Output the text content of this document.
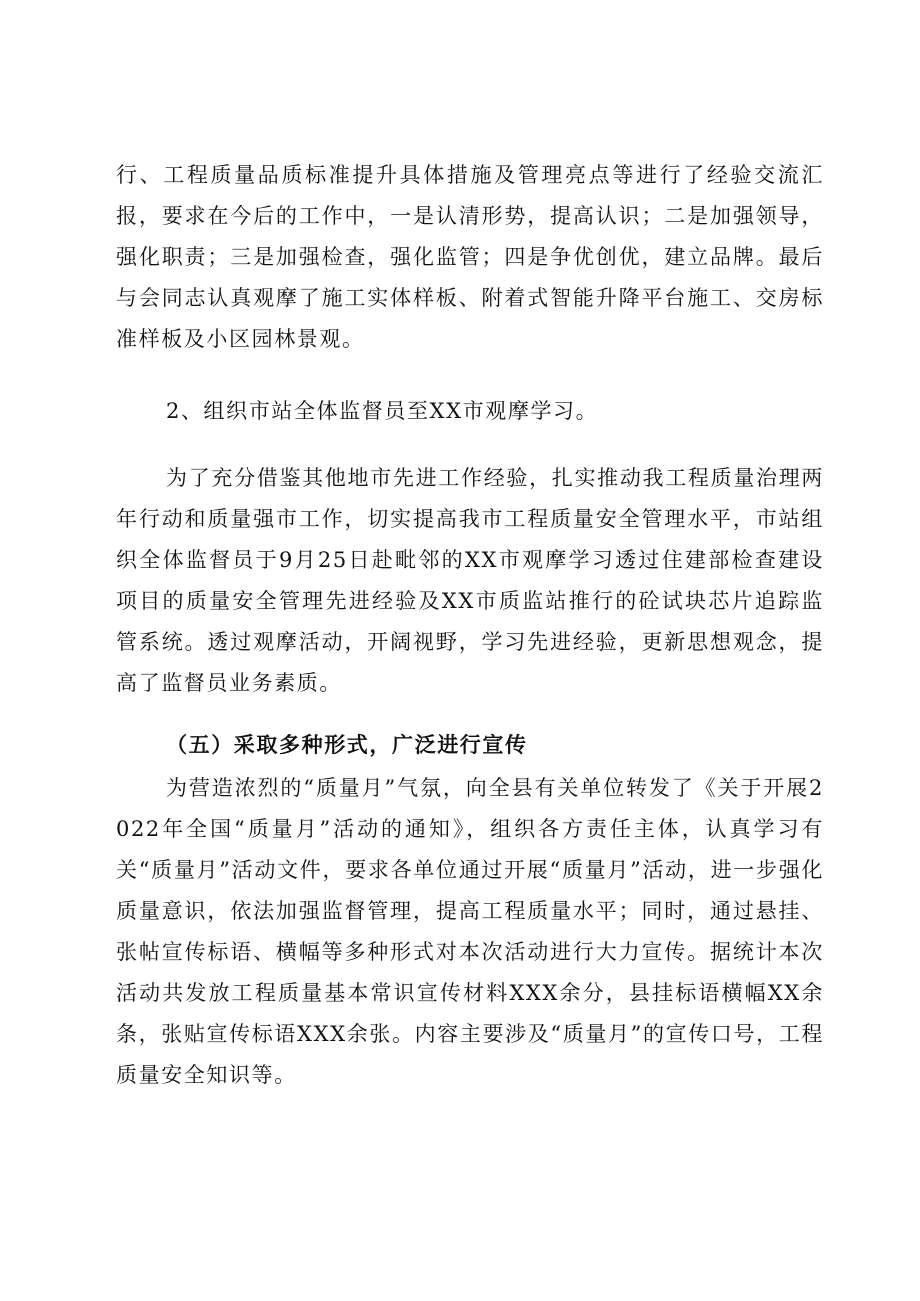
行、工程质量品质标准提升具体措施及管理亮点等进行了经验交流汇报，要求在今后的工作中，一是认清形势，提高认识；二是加强领导，强化职责；三是加强检查，强化监管；四是争优创优，建立品牌。最后与会同志认真观摩了施工实体样板、附着式智能升降平台施工、交房标准样板及小区园林景观。

2、组织市站全体监督员至XX市观摩学习。

为了充分借鉴其他地市先进工作经验，扎实推动我工程质量治理两年行动和质量强市工作，切实提高我市工程质量安全管理水平，市站组织全体监督员于9月25日赴毗邻的XX市观摩学习透过住建部检查建设项目的质量安全管理先进经验及XX市质监站推行的砼试块芯片追踪监管系统。透过观摩活动，开阔视野，学习先进经验，更新思想观念，提高了监督员业务素质。

（五）采取多种形式，广泛进行宣传

为营造浓烈的“质量月”气氛，向全县有关单位转发了《关于开展2022年全国“质量月”活动的通知》，组织各方责任主体，认真学习有关“质量月”活动文件，要求各单位通过开展“质量月”活动，进一步强化质量意识，依法加强监督管理，提高工程质量水平；同时，通过悬挂、张帖宣传标语、横幅等多种形式对本次活动进行大力宣传。据统计本次活动共发放工程质量基本常识宣传材料XXX余分，县挂标语横幅XX余条，张贴宣传标语XXX余张。内容主要涉及“质量月”的宣传口号，工程质量安全知识等。
